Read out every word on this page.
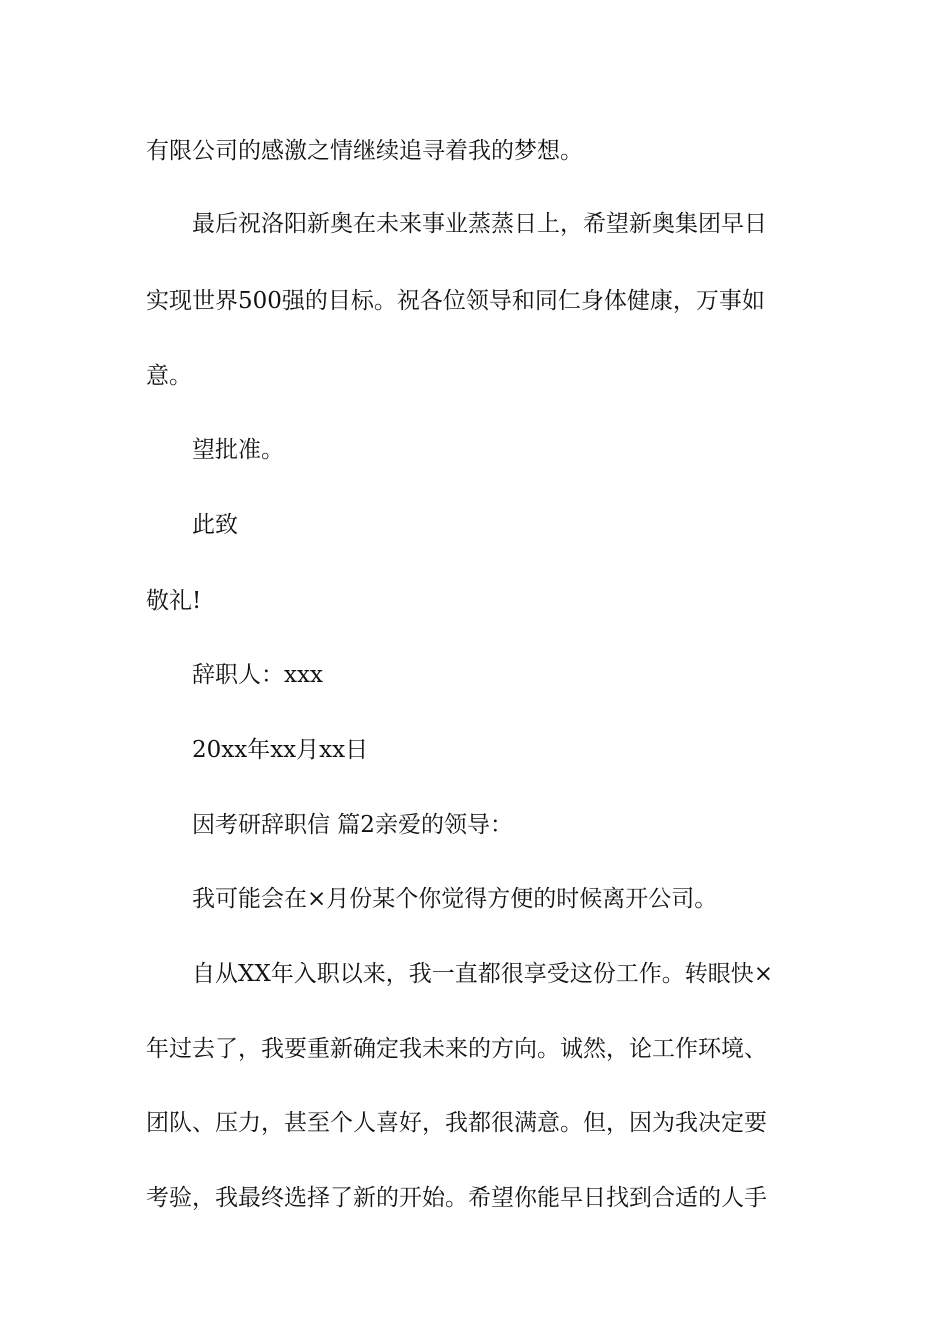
有限公司的感激之情继续追寻着我的梦想。
最后祝洛阳新奥在未来事业蒸蒸日上，希望新奥集团早日
实现世界500强的目标。祝各位领导和同仁身体健康，万事如
意。
望批准。
此致
敬礼!
辞职人：xxx
20xx年xx月xx日
因考研辞职信 篇2亲爱的领导：
我可能会在×月份某个你觉得方便的时候离开公司。
自从XX年入职以来，我一直都很享受这份工作。转眼快×
年过去了，我要重新确定我未来的方向。诚然，论工作环境、
团队、压力，甚至个人喜好，我都很满意。但，因为我决定要
考验，我最终选择了新的开始。希望你能早日找到合适的人手
